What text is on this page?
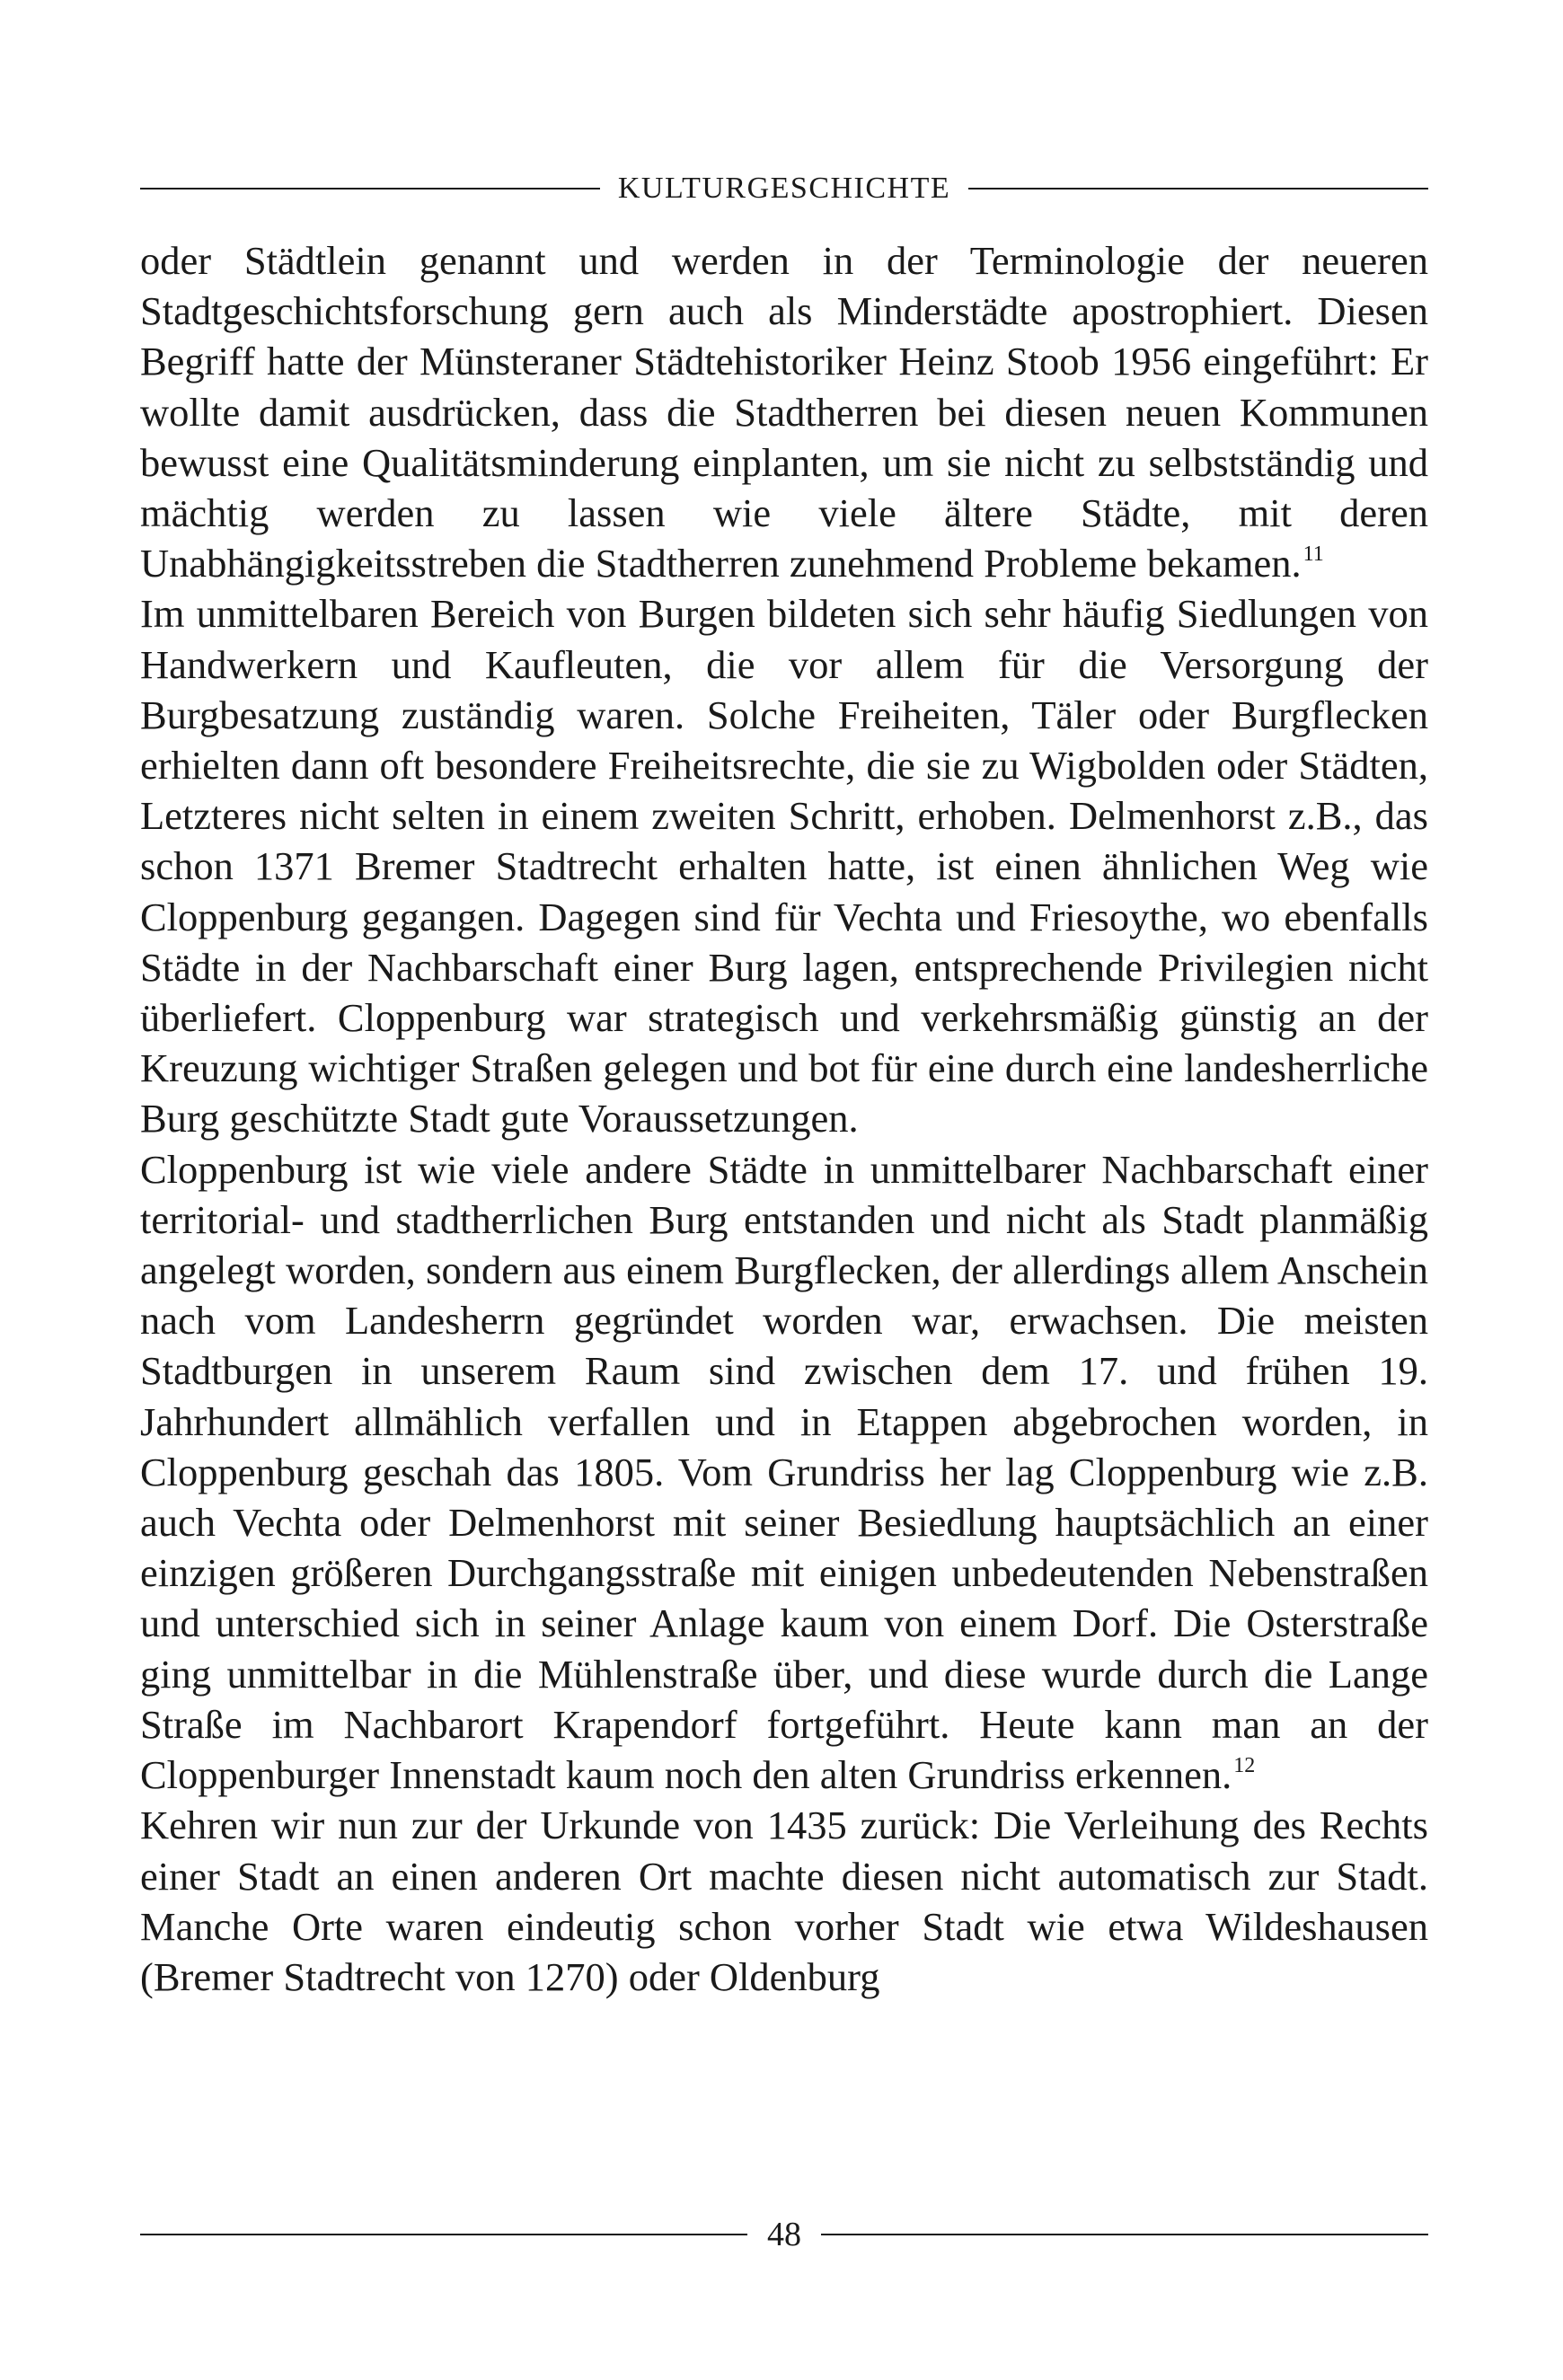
KULTURGESCHICHTE

oder Städtlein genannt und werden in der Terminologie der neueren Stadtgeschichtsforschung gern auch als Minderstädte apostrophiert. Diesen Begriff hatte der Münsteraner Städtehistoriker Heinz Stoob 1956 eingeführt: Er wollte damit ausdrücken, dass die Stadtherren bei diesen neuen Kommunen bewusst eine Qualitätsminderung einplanten, um sie nicht zu selbstständig und mächtig werden zu lassen wie viele ältere Städte, mit deren Unabhängigkeitsstreben die Stadtherren zunehmend Probleme bekamen.$^{11}$

Im unmittelbaren Bereich von Burgen bildeten sich sehr häufig Siedlungen von Handwerkern und Kaufleuten, die vor allem für die Versorgung der Burgbesatzung zuständig waren. Solche Freiheiten, Täler oder Burgflecken erhielten dann oft besondere Freiheitsrechte, die sie zu Wigbolden oder Städten, Letzteres nicht selten in einem zweiten Schritt, erhoben. Delmenhorst z.B., das schon 1371 Bremer Stadtrecht erhalten hatte, ist einen ähnlichen Weg wie Cloppenburg gegangen. Dagegen sind für Vechta und Friesoythe, wo ebenfalls Städte in der Nachbarschaft einer Burg lagen, entsprechende Privilegien nicht überliefert. Cloppenburg war strategisch und verkehrsmäßig günstig an der Kreuzung wichtiger Straßen gelegen und bot für eine durch eine landesherrliche Burg geschützte Stadt gute Voraussetzungen.

Cloppenburg ist wie viele andere Städte in unmittelbarer Nachbarschaft einer territorial- und stadtherrlichen Burg entstanden und nicht als Stadt planmäßig angelegt worden, sondern aus einem Burgflecken, der allerdings allem Anschein nach vom Landesherrn gegründet worden war, erwachsen. Die meisten Stadtburgen in unserem Raum sind zwischen dem 17. und frühen 19. Jahrhundert allmählich verfallen und in Etappen abgebrochen worden, in Cloppenburg geschah das 1805. Vom Grundriss her lag Cloppenburg wie z.B. auch Vechta oder Delmenhorst mit seiner Besiedlung hauptsächlich an einer einzigen größeren Durchgangsstraße mit einigen unbedeutenden Nebenstraßen und unterschied sich in seiner Anlage kaum von einem Dorf. Die Osterstraße ging unmittelbar in die Mühlenstraße über, und diese wurde durch die Lange Straße im Nachbarort Krapendorf fortgeführt. Heute kann man an der Cloppenburger Innenstadt kaum noch den alten Grundriss erkennen.$^{12}$

Kehren wir nun zur der Urkunde von 1435 zurück: Die Verleihung des Rechts einer Stadt an einen anderen Ort machte diesen nicht automatisch zur Stadt. Manche Orte waren eindeutig schon vorher Stadt wie etwa Wildeshausen (Bremer Stadtrecht von 1270) oder Oldenburg

48
